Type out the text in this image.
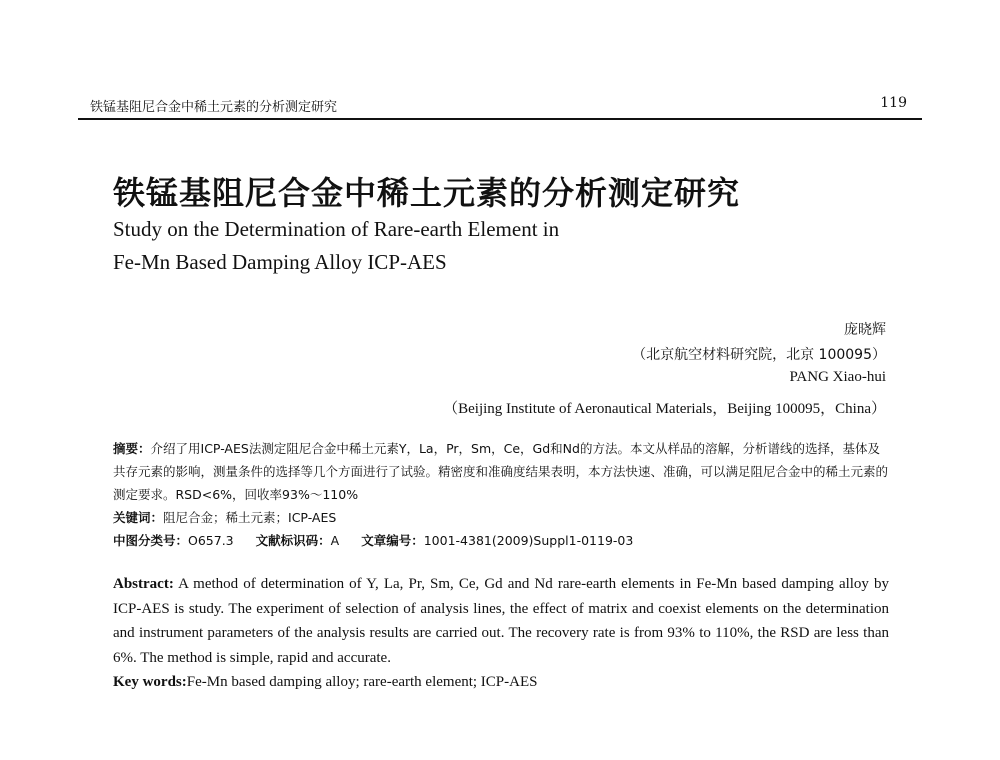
铁锰基阻尼合金中稀土元素的分析测定研究	119
铁锰基阻尼合金中稀土元素的分析测定研究
Study on the Determination of Rare-earth Element in
Fe-Mn Based Damping Alloy ICP-AES
庞晓辉
（北京航空材料研究院，北京 100095）
PANG Xiao-hui
（Beijing Institute of Aeronautical Materials，Beijing 100095，China）
摘要：介绍了用ICP-AES法测定阻尼合金中稀土元素Y，La，Pr，Sm，Ce，Gd和Nd的方法。本文从样品的溶解，分析谱线的选择，基体及共存元素的影响，测量条件的选择等几个方面进行了试验。精密度和准确度结果表明，本方法快速、准确，可以满足阻尼合金中的稀土元素的测定要求。RSD<6%，回收率93%～110%
关键词：阻尼合金；稀土元素；ICP-AES
中图分类号：O657.3 文献标识码：A 文章编号：1001-4381(2009)Suppl1-0119-03
Abstract: A method of determination of Y, La, Pr, Sm, Ce, Gd and Nd rare-earth elements in Fe-Mn based damping alloy by ICP-AES is study. The experiment of selection of analysis lines, the effect of matrix and coexist elements on the determination and instrument parameters of the analysis results are carried out. The recovery rate is from 93% to 110%, the RSD are less than 6%. The method is simple, rapid and accurate.
Key words:Fe-Mn based damping alloy; rare-earth element; ICP-AES
